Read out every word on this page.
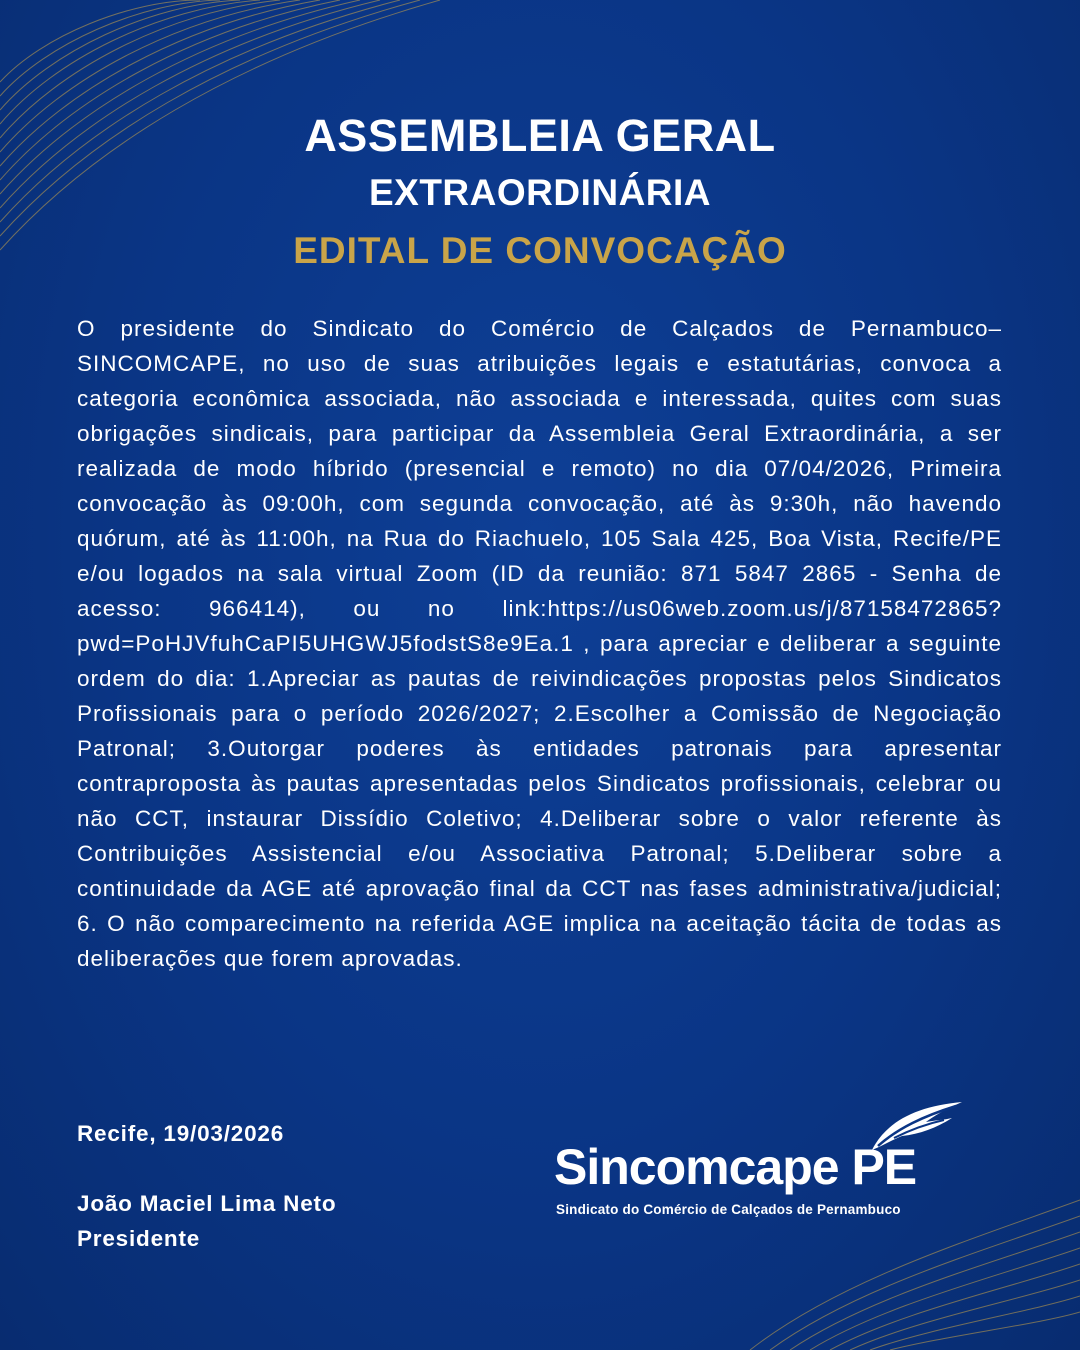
ASSEMBLEIA GERAL
EXTRAORDINÁRIA
EDITAL DE CONVOCAÇÃO

O presidente do Sindicato do Comércio de Calçados de Pernambuco– SINCOMCAPE, no uso de suas atribuições legais e estatutárias, convoca a categoria econômica associada, não associada e interessada, quites com suas obrigações sindicais, para participar da Assembleia Geral Extraordinária, a ser realizada de modo híbrido (presencial e remoto) no dia 07/04/2026, Primeira convocação às 09:00h, com segunda convocação, até às 9:30h, não havendo quórum, até às 11:00h, na Rua do Riachuelo, 105 Sala 425, Boa Vista, Recife/PE e/ou logados na sala virtual Zoom (ID da reunião: 871 5847 2865 - Senha de acesso: 966414), ou no link:https://us06web.zoom.us/j/87158472865? pwd=PoHJVfuhCaPI5UHGWJ5fodstS8e9Ea.1 , para apreciar e deliberar a seguinte ordem do dia: 1.Apreciar as pautas de reivindicações propostas pelos Sindicatos Profissionais para o período 2026/2027; 2.Escolher a Comissão de Negociação Patronal; 3.Outorgar poderes às entidades patronais para apresentar contraproposta às pautas apresentadas pelos Sindicatos profissionais, celebrar ou não CCT, instaurar Dissídio Coletivo; 4.Deliberar sobre o valor referente às Contribuições Assistencial e/ou Associativa Patronal; 5.Deliberar sobre a continuidade da AGE até aprovação final da CCT nas fases administrativa/judicial; 6. O não comparecimento na referida AGE implica na aceitação tácita de todas as deliberações que forem aprovadas.

Recife, 19/03/2026
João Maciel Lima Neto
Presidente
Sincomcape PE
Sindicato do Comércio de Calçados de Pernambuco
